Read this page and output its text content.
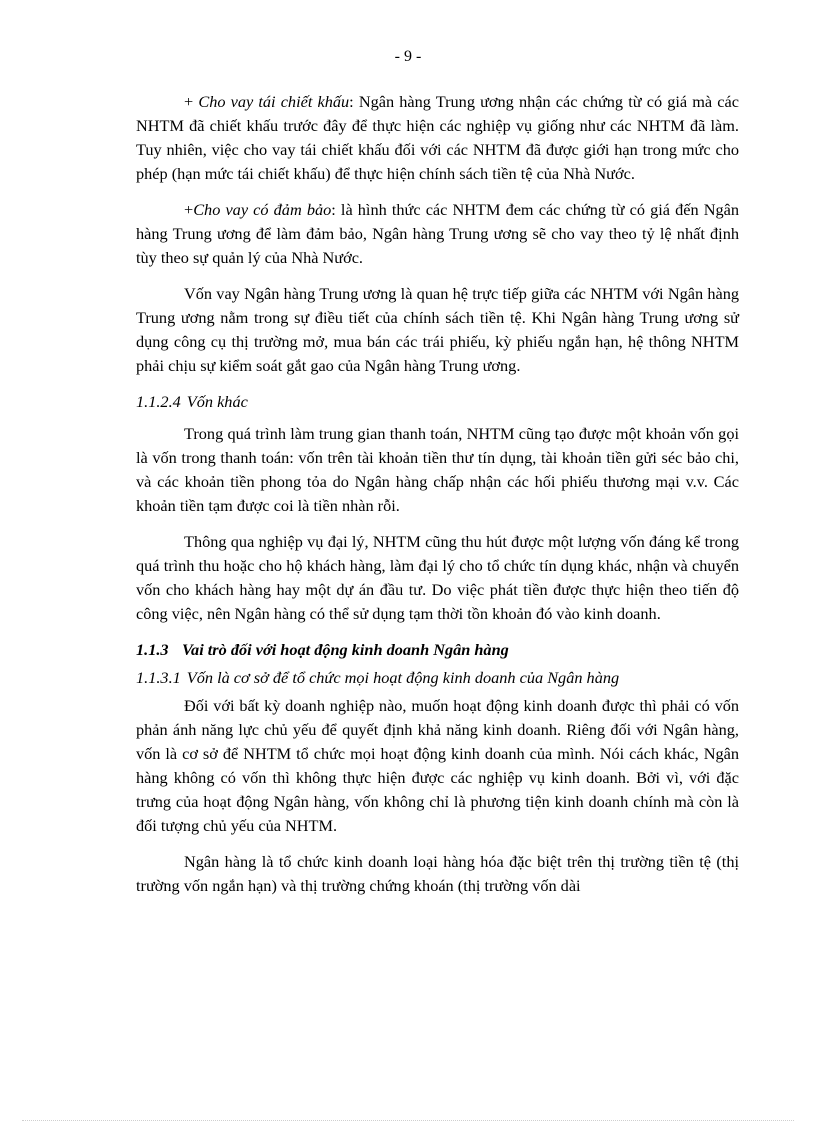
- 9 -

+ Cho vay tái chiết khấu: Ngân hàng Trung ương nhận các chứng từ có giá mà các NHTM đã chiết khấu trước đây để thực hiện các nghiệp vụ giống như các NHTM đã làm. Tuy nhiên, việc cho vay tái chiết khấu đối với các NHTM đã được giới hạn trong mức cho phép (hạn mức tái chiết khấu) để thực hiện chính sách tiền tệ của Nhà Nước.

+Cho vay có đảm bảo: là hình thức các NHTM đem các chứng từ có giá đến Ngân hàng Trung ương để làm đảm bảo, Ngân hàng Trung ương sẽ cho vay theo tỷ lệ nhất định tùy theo sự quản lý của Nhà Nước.

Vốn vay Ngân hàng Trung ương là quan hệ trực tiếp giữa các NHTM với Ngân hàng Trung ương nằm trong sự điều tiết của chính sách tiền tệ. Khi Ngân hàng Trung ương sử dụng công cụ thị trường mở, mua bán các trái phiếu, kỳ phiếu ngắn hạn, hệ thông NHTM phải chịu sự kiểm soát gắt gao của Ngân hàng Trung ương.

1.1.2.4 Vốn khác

Trong quá trình làm trung gian thanh toán, NHTM cũng tạo được một khoản vốn gọi là vốn trong thanh toán: vốn trên tài khoản tiền thư tín dụng, tài khoản tiền gửi séc bảo chi, và các khoản tiền phong tỏa do Ngân hàng chấp nhận các hối phiếu thương mại v.v. Các khoản tiền tạm được coi là tiền nhàn rỗi.

Thông qua nghiệp vụ đại lý, NHTM cũng thu hút được một lượng vốn đáng kể trong quá trình thu hoặc cho hộ khách hàng, làm đại lý cho tổ chức tín dụng khác, nhận và chuyển vốn cho khách hàng hay một dự án đầu tư. Do việc phát tiền được thực hiện theo tiến độ công việc, nên Ngân hàng có thể sử dụng tạm thời tồn khoản đó vào kinh doanh.

1.1.3 Vai trò đối với hoạt động kinh doanh Ngân hàng

1.1.3.1 Vốn là cơ sở để tổ chức mọi hoạt động kinh doanh của Ngân hàng

Đối với bất kỳ doanh nghiệp nào, muốn hoạt động kinh doanh được thì phải có vốn phản ánh năng lực chủ yếu để quyết định khả năng kinh doanh. Riêng đối với Ngân hàng, vốn là cơ sở để NHTM tổ chức mọi hoạt động kinh doanh của mình. Nói cách khác, Ngân hàng không có vốn thì không thực hiện được các nghiệp vụ kinh doanh. Bởi vì, với đặc trưng của hoạt động Ngân hàng, vốn không chỉ là phương tiện kinh doanh chính mà còn là đối tượng chủ yếu của NHTM.

Ngân hàng là tổ chức kinh doanh loại hàng hóa đặc biệt trên thị trường tiền tệ (thị trường vốn ngắn hạn) và thị trường chứng khoán (thị trường vốn dài
